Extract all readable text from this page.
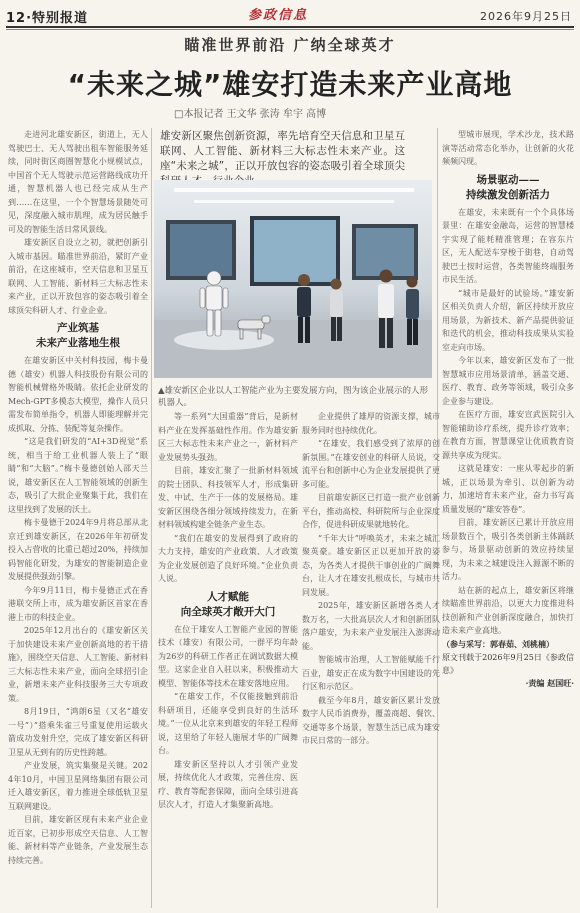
12·特别报道	参政信息	2026年9月25日
瞄准世界前沿 广纳全球英才
“未来之城”雄安打造未来产业高地
□本报记者 王文华 张涛 牟宇 高博
雄安新区聚焦创新资源，率先培育空天信息和卫星互联网、人工智能、新材料三大标志性未来产业。这座“未来之城”，正以开放包容的姿态吸引着全球顶尖

走进河北雄安新区，街道上，无人驾驶巴士、无人驾驶出租车智能服务延续，同时街区商圈智慧化小规模试点，中国首个无人驾驶示范运营路线成功开通，智慧机器人也已经完成从生产到……在这里，一个个智慧场景随处可见，深度融入城市肌理，成为居民触手可及的智能生活日常风景线。

雄安新区自设立之初，就把创新引入城市基因。瞄准世界前沿，紧盯产业前沿，在这座城市，空天信息和卫星互联网、人工智能、新材料三大标志性未来产业，正以开放包容的姿态吸引着全球顶尖科研人才、行业企业。

产业筑基
未来产业落地生根

在雄安新区中关村科技园，梅卡曼德（雄安）机器人科技股份有限公司的智能机械臂格外吸睛。依托企业研发的Mech-GPT多模态大模型，操作人员只需发布简单指令，机器人即能理解并完成抓取、分拣、装配等复杂操作。

“这是我们研发的“AI+3D视觉”系统，相当于给工业机器人装上了“眼睛”和“大脑”。”梅卡曼德创始人邵天兰说，雄安新区在人工智能领域的创新生态，吸引了大批企业聚集于此，我们在这里找到了发展的沃土。

梅卡曼德于2024年9月将总部从北京迁到雄安新区，在2026年年初研发投入占营收的比重已超过20%，持续加码智能化研发，为雄安的智能制造企业发展提供强劲引擎。

今年9月11日，梅卡曼德正式在香港联交所上市，成为雄安新区首家在香港上市的科技企业。

2025年12月出台的《雄安新区关于加快建设未来产业创新高地的若干措施》，围绕空天信息、人工智能、新材料三大标志性未来产业，面向全球招引企业，新增未来产业科技服务三大专项政策。

8月19日，“鸿朗6星（又名“雄安一号”）”搭乘朱雀三号重复使用运载火箭成功发射升空，完成了雄安新区科研卫星从无到有的历史性跨越。

产业发展，筑实集聚是关键。2024年10月，中国卫星网络集团有限公司迁入雄安新区，着力推进全球低轨卫星互联网建设。

目前，雄安新区现有未来产业企业近百家，已初步形成空天信息、人工智能、新材料等产业链条，产业发展生态持续完善。

▲雄安新区企业以人工智能产业为主要发展方向，图为该企业展示的人形机器人。

等一系列“大国重器”背后，是新材料产业在发挥基础性作用。作为雄安新区三大标志性未来产业之一，新材料产业发展势头强劲。

目前，雄安汇聚了一批新材料领域的院士团队、科技领军人才，形成集研发、中试、生产于一体的发展格局。雄安新区围绕各细分领域持续发力，在新材料领域构建全链条产业生态。

“我们在雄安的发展得到了政府的大力支持，雄安的产业政策、人才政策为企业发展创造了良好环境。”企业负责人说。

人才赋能
向全球英才敞开大门

在位于雄安人工智能产业园的智能技术（雄安）有限公司，一群平均年龄为26岁的科研工作者正在调试数据大模型。这家企业自入驻以来，积极推动大模型、智能体等技术在雄安落地应用。

“在雄安工作，不仅能接触到前沿科研项目，还能享受到良好的生活环境。”一位从北京来到雄安的年轻工程师说，这里给了年轻人施展才华的广阔舞台。

雄安新区坚持以人才引领产业发展，持续优化人才政策，完善住房、医疗、教育等配套保障，面向全球引进高层次人才，打造人才集聚新高地。

企业提供了雄厚的资源支撑，城市服务同时也持续优化。

“在雄安，我们感受到了浓厚的创新氛围。”在雄安创业的科研人员说，交流平台和创新中心为企业发展提供了更多可能。

目前雄安新区已打造一批产业创新平台，推动高校、科研院所与企业深度合作，促进科研成果就地转化。

“千年大计”呼唤英才，未来之城汇聚英豪。雄安新区正以更加开放的姿态，为各类人才提供干事创业的广阔舞台，让人才在雄安扎根成长，与城市共同发展。

2025年，雄安新区新增各类人才数万名，一大批高层次人才和创新团队落户雄安，为未来产业发展注入澎湃动能。

智能城市治理，人工智能赋能千行百业，雄安正在成为数字中国建设的先行区和示范区。

截至今年8月，雄安新区累计发放数字人民币消费券，覆盖商超、餐饮、交通等多个场景，智慧生活已成为雄安市民日常的一部分。

型城市展现，学术沙龙，技术路演等活动常态化举办，让创新的火花频频闪现。

场景驱动——
持续激发创新活力

在雄安，未来既有一个个具体场景里：在雄安金融岛，运营的智慧楼宇实现了能耗精准管理；在容东片区，无人配送车穿梭于街巷，自动驾驶巴士按时运营，各类智能终端服务市民生活。

“城市是最好的试验场。”雄安新区相关负责人介绍，新区持续开放应用场景，为新技术、新产品提供验证和迭代的机会，推动科技成果从实验室走向市场。

今年以来，雄安新区发布了一批智慧城市应用场景清单，涵盖交通、医疗、教育、政务等领域，吸引众多企业参与建设。

在医疗方面，雄安宣武医院引入智能辅助诊疗系统，提升诊疗效率；在教育方面，智慧课堂让优质教育资源共享成为现实。

这就是雄安：一座从零起步的新城，正以场景为牵引、以创新为动力，加速培育未来产业，奋力书写高质量发展的“雄安答卷”。

目前，雄安新区已累计开放应用场景数百个，吸引各类创新主体踊跃参与，场景驱动创新的效应持续显现，为未来之城建设注入源源不断的活力。

站在新的起点上，雄安新区将继续瞄准世界前沿，以更大力度推进科技创新和产业创新深度融合，加快打造未来产业高地。

（参与采写：郭春茹、刘桃楠）
原文刊载于2026年9月25日《参政信息》
·责编 赵国旺·
